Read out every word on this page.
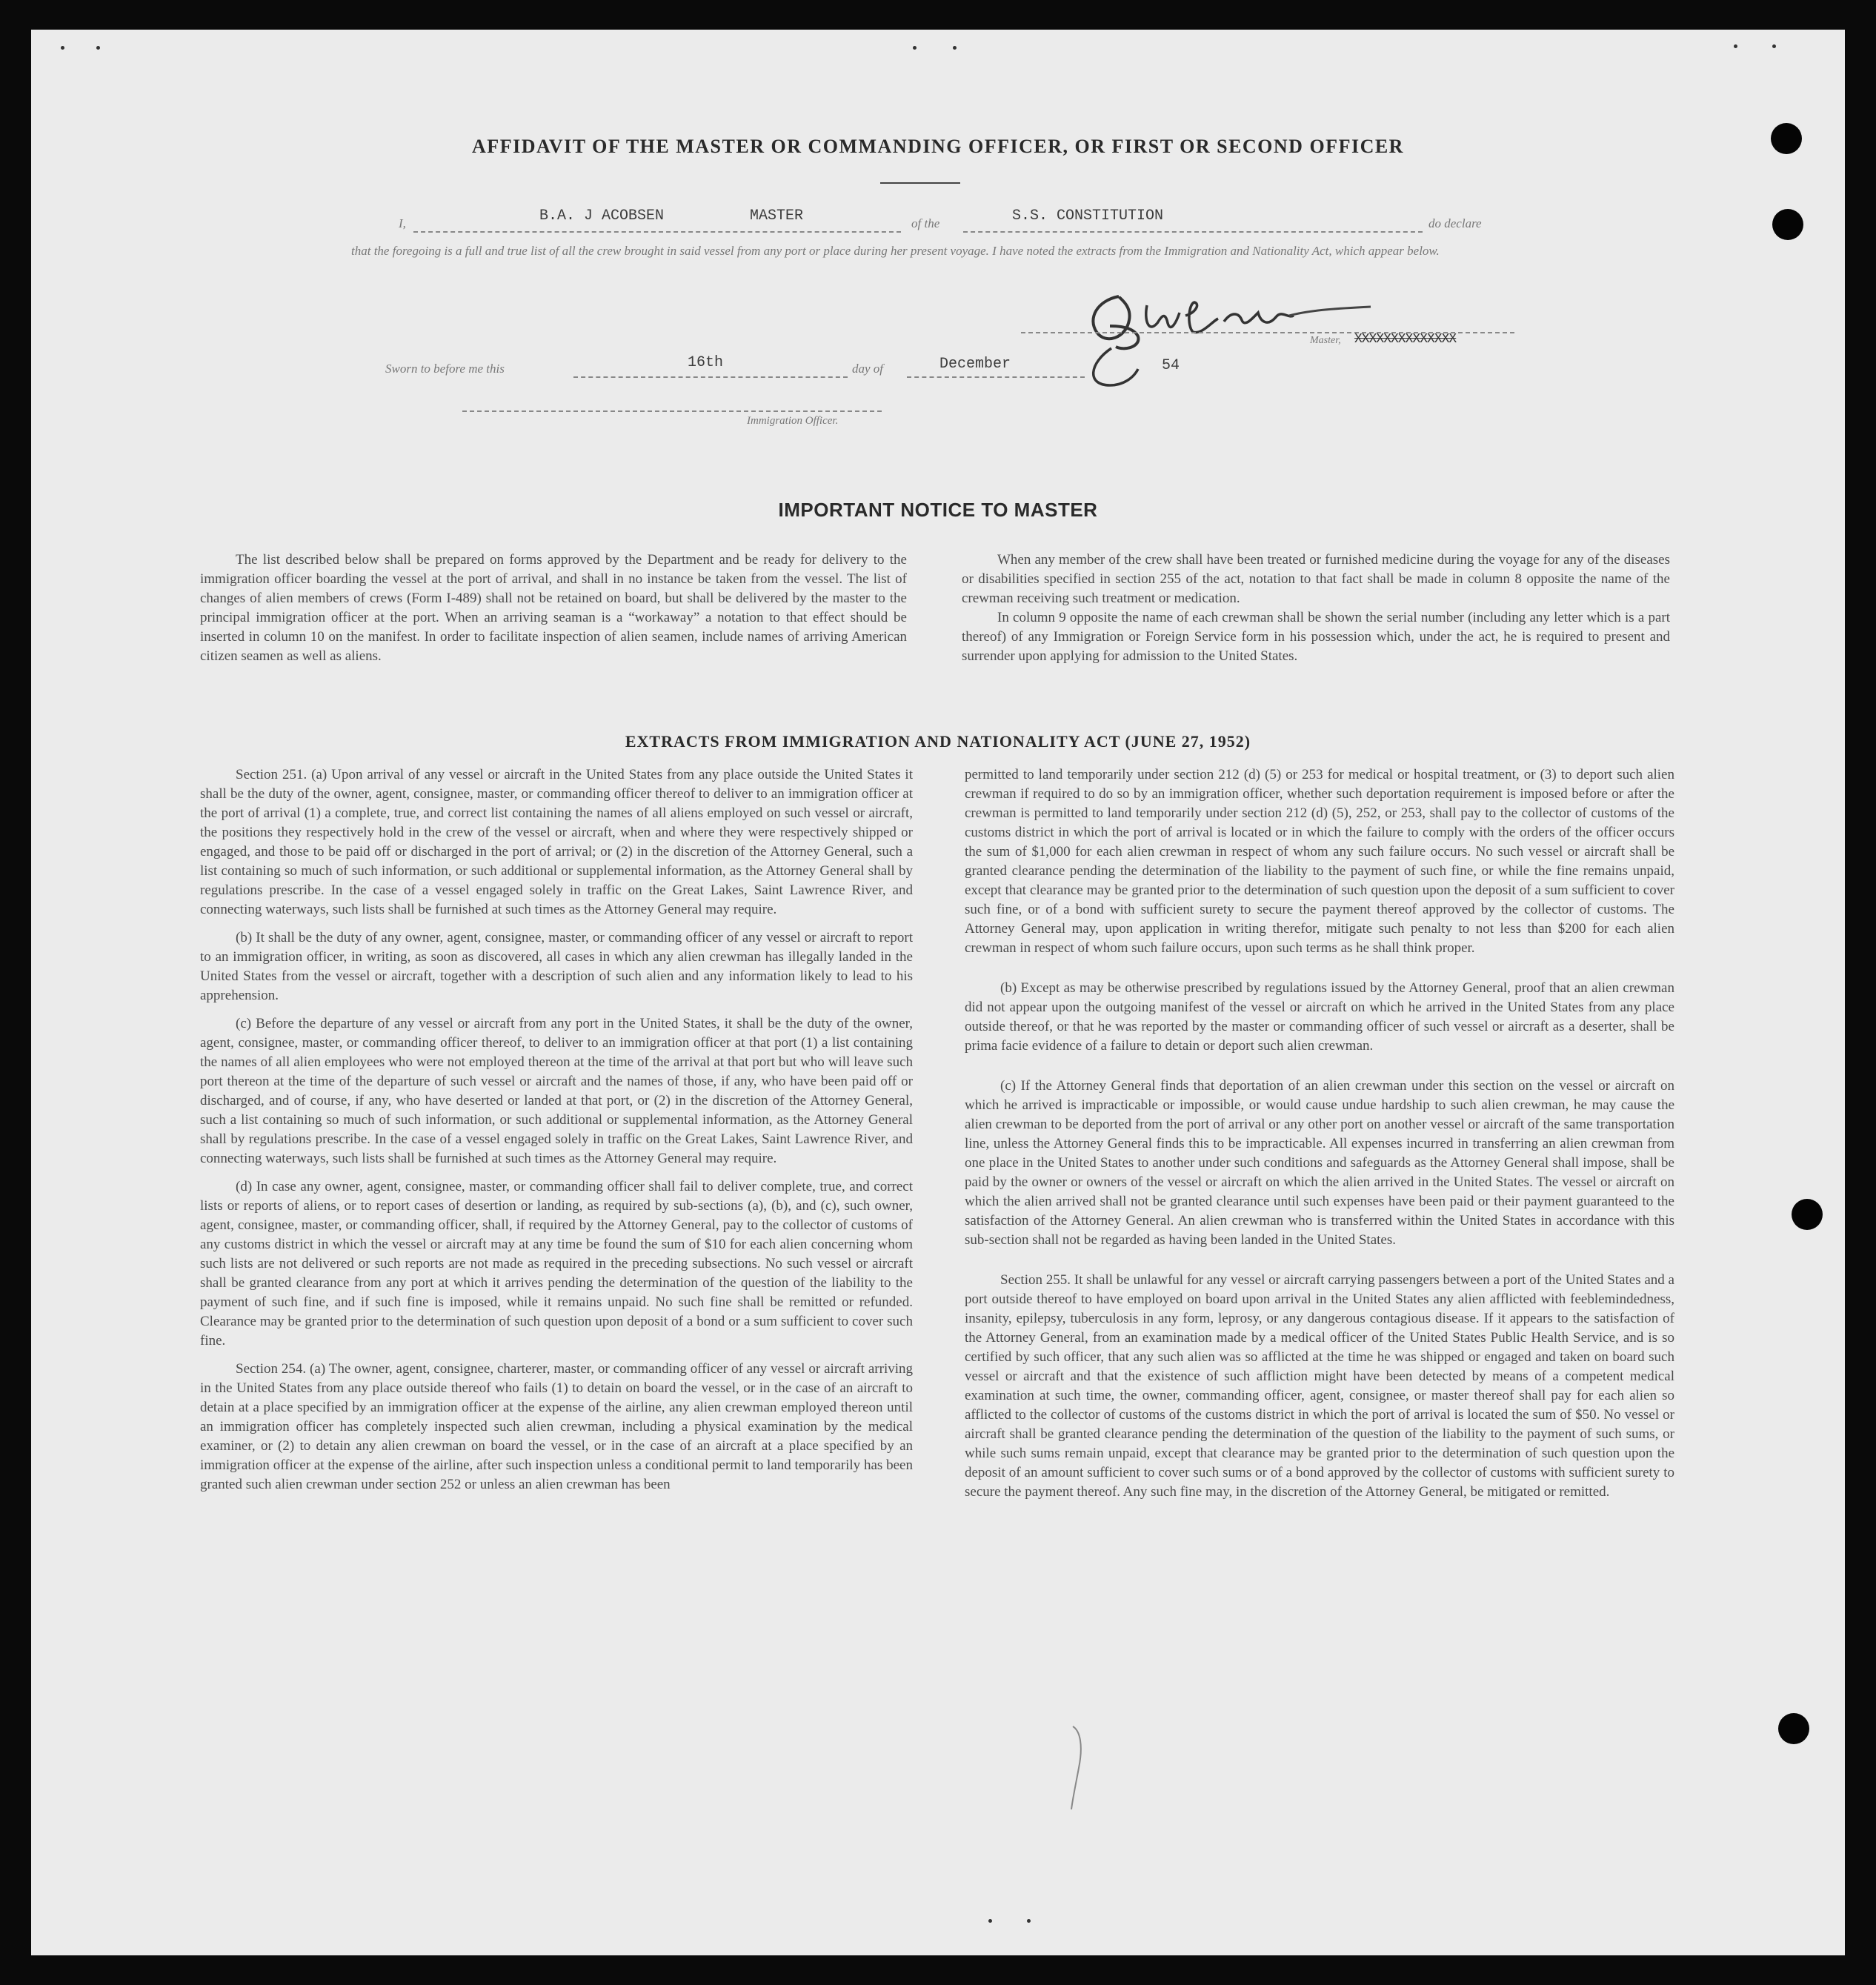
AFFIDAVIT OF THE MASTER OR COMMANDING OFFICER, OR FIRST OR SECOND OFFICER
I,	B.A. J ACOBSEN	MASTER	of the	S.S. CONSTITUTION	do declare

that the foregoing is a full and true list of all the crew brought in said vessel from any port or place during her present voyage. I have noted the extracts from the Immigration and Nationality Act, which appear below.

Master, XXXXXXXXXXXXXX
Sworn to before me this	16th	day of	December	54
Immigration Officer.
IMPORTANT NOTICE TO MASTER

The list described below shall be prepared on forms approved by the Department and be ready for delivery to the immigration officer boarding the vessel at the port of arrival, and shall in no instance be taken from the vessel. The list of changes of alien members of crews (Form I-489) shall not be retained on board, but shall be delivered by the master to the principal immigration officer at the port. When an arriving seaman is a “workaway” a notation to that effect should be inserted in column 10 on the manifest. In order to facilitate inspection of alien seamen, include names of arriving American citizen seamen as well as aliens.

When any member of the crew shall have been treated or furnished medicine during the voyage for any of the diseases or disabilities specified in section 255 of the act, notation to that fact shall be made in column 8 opposite the name of the crewman receiving such treatment or medication.

In column 9 opposite the name of each crewman shall be shown the serial number (including any letter which is a part thereof) of any Immigration or Foreign Service form in his possession which, under the act, he is required to present and surrender upon applying for admission to the United States.

EXTRACTS FROM IMMIGRATION AND NATIONALITY ACT (JUNE 27, 1952)

Section 251. (a) Upon arrival of any vessel or aircraft in the United States from any place outside the United States it shall be the duty of the owner, agent, consignee, master, or commanding officer thereof to deliver to an immigration officer at the port of arrival (1) a complete, true, and correct list containing the names of all aliens employed on such vessel or aircraft, the positions they respectively hold in the crew of the vessel or aircraft, when and where they were respectively shipped or engaged, and those to be paid off or discharged in the port of arrival; or (2) in the discretion of the Attorney General, such a list containing so much of such information, or such additional or supplemental information, as the Attorney General shall by regulations prescribe. In the case of a vessel engaged solely in traffic on the Great Lakes, Saint Lawrence River, and connecting waterways, such lists shall be furnished at such times as the Attorney General may require.

(b) It shall be the duty of any owner, agent, consignee, master, or commanding officer of any vessel or aircraft to report to an immigration officer, in writing, as soon as discovered, all cases in which any alien crewman has illegally landed in the United States from the vessel or aircraft, together with a description of such alien and any information likely to lead to his apprehension.

(c) Before the departure of any vessel or aircraft from any port in the United States, it shall be the duty of the owner, agent, consignee, master, or commanding officer thereof, to deliver to an immigration officer at that port (1) a list containing the names of all alien employees who were not employed thereon at the time of the arrival at that port but who will leave such port thereon at the time of the departure of such vessel or aircraft and the names of those, if any, who have been paid off or discharged, and of course, if any, who have deserted or landed at that port, or (2) in the discretion of the Attorney General, such a list containing so much of such information, or such additional or supplemental information, as the Attorney General shall by regulations prescribe. In the case of a vessel engaged solely in traffic on the Great Lakes, Saint Lawrence River, and connecting waterways, such lists shall be furnished at such times as the Attorney General may require.

(d) In case any owner, agent, consignee, master, or commanding officer shall fail to deliver complete, true, and correct lists or reports of aliens, or to report cases of desertion or landing, as required by sub-sections (a), (b), and (c), such owner, agent, consignee, master, or commanding officer, shall, if required by the Attorney General, pay to the collector of customs of any customs district in which the vessel or aircraft may at any time be found the sum of $10 for each alien concerning whom such lists are not delivered or such reports are not made as required in the preceding subsections. No such vessel or aircraft shall be granted clearance from any port at which it arrives pending the determination of the question of the liability to the payment of such fine, and if such fine is imposed, while it remains unpaid. No such fine shall be remitted or refunded. Clearance may be granted prior to the determination of such question upon deposit of a bond or a sum sufficient to cover such fine.

Section 254. (a) The owner, agent, consignee, charterer, master, or commanding officer of any vessel or aircraft arriving in the United States from any place outside thereof who fails (1) to detain on board the vessel, or in the case of an aircraft to detain at a place specified by an immigration officer at the expense of the airline, any alien crewman employed thereon until an immigration officer has completely inspected such alien crewman, including a physical examination by the medical examiner, or (2) to detain any alien crewman on board the vessel, or in the case of an aircraft at a place specified by an immigration officer at the expense of the airline, after such inspection unless a conditional permit to land temporarily has been granted such alien crewman under section 252 or unless an alien crewman has been

permitted to land temporarily under section 212 (d) (5) or 253 for medical or hospital treatment, or (3) to deport such alien crewman if required to do so by an immigration officer, whether such deportation requirement is imposed before or after the crewman is permitted to land temporarily under section 212 (d) (5), 252, or 253, shall pay to the collector of customs of the customs district in which the port of arrival is located or in which the failure to comply with the orders of the officer occurs the sum of $1,000 for each alien crewman in respect of whom any such failure occurs. No such vessel or aircraft shall be granted clearance pending the determination of the liability to the payment of such fine, or while the fine remains unpaid, except that clearance may be granted prior to the determination of such question upon the deposit of a sum sufficient to cover such fine, or of a bond with sufficient surety to secure the payment thereof approved by the collector of customs. The Attorney General may, upon application in writing therefor, mitigate such penalty to not less than $200 for each alien crewman in respect of whom such failure occurs, upon such terms as he shall think proper.

(b) Except as may be otherwise prescribed by regulations issued by the Attorney General, proof that an alien crewman did not appear upon the outgoing manifest of the vessel or aircraft on which he arrived in the United States from any place outside thereof, or that he was reported by the master or commanding officer of such vessel or aircraft as a deserter, shall be prima facie evidence of a failure to detain or deport such alien crewman.

(c) If the Attorney General finds that deportation of an alien crewman under this section on the vessel or aircraft on which he arrived is impracticable or impossible, or would cause undue hardship to such alien crewman, he may cause the alien crewman to be deported from the port of arrival or any other port on another vessel or aircraft of the same transportation line, unless the Attorney General finds this to be impracticable. All expenses incurred in transferring an alien crewman from one place in the United States to another under such conditions and safeguards as the Attorney General shall impose, shall be paid by the owner or owners of the vessel or aircraft on which the alien arrived in the United States. The vessel or aircraft on which the alien arrived shall not be granted clearance until such expenses have been paid or their payment guaranteed to the satisfaction of the Attorney General. An alien crewman who is transferred within the United States in accordance with this sub-section shall not be regarded as having been landed in the United States.

Section 255. It shall be unlawful for any vessel or aircraft carrying passengers between a port of the United States and a port outside thereof to have employed on board upon arrival in the United States any alien afflicted with feeblemindedness, insanity, epilepsy, tuberculosis in any form, leprosy, or any dangerous contagious disease. If it appears to the satisfaction of the Attorney General, from an examination made by a medical officer of the United States Public Health Service, and is so certified by such officer, that any such alien was so afflicted at the time he was shipped or engaged and taken on board such vessel or aircraft and that the existence of such affliction might have been detected by means of a competent medical examination at such time, the owner, commanding officer, agent, consignee, or master thereof shall pay for each alien so afflicted to the collector of customs of the customs district in which the port of arrival is located the sum of $50. No vessel or aircraft shall be granted clearance pending the determination of the question of the liability to the payment of such sums, or while such sums remain unpaid, except that clearance may be granted prior to the determination of such question upon the deposit of an amount sufficient to cover such sums or of a bond approved by the collector of customs with sufficient surety to secure the payment thereof. Any such fine may, in the discretion of the Attorney General, be mitigated or remitted.
